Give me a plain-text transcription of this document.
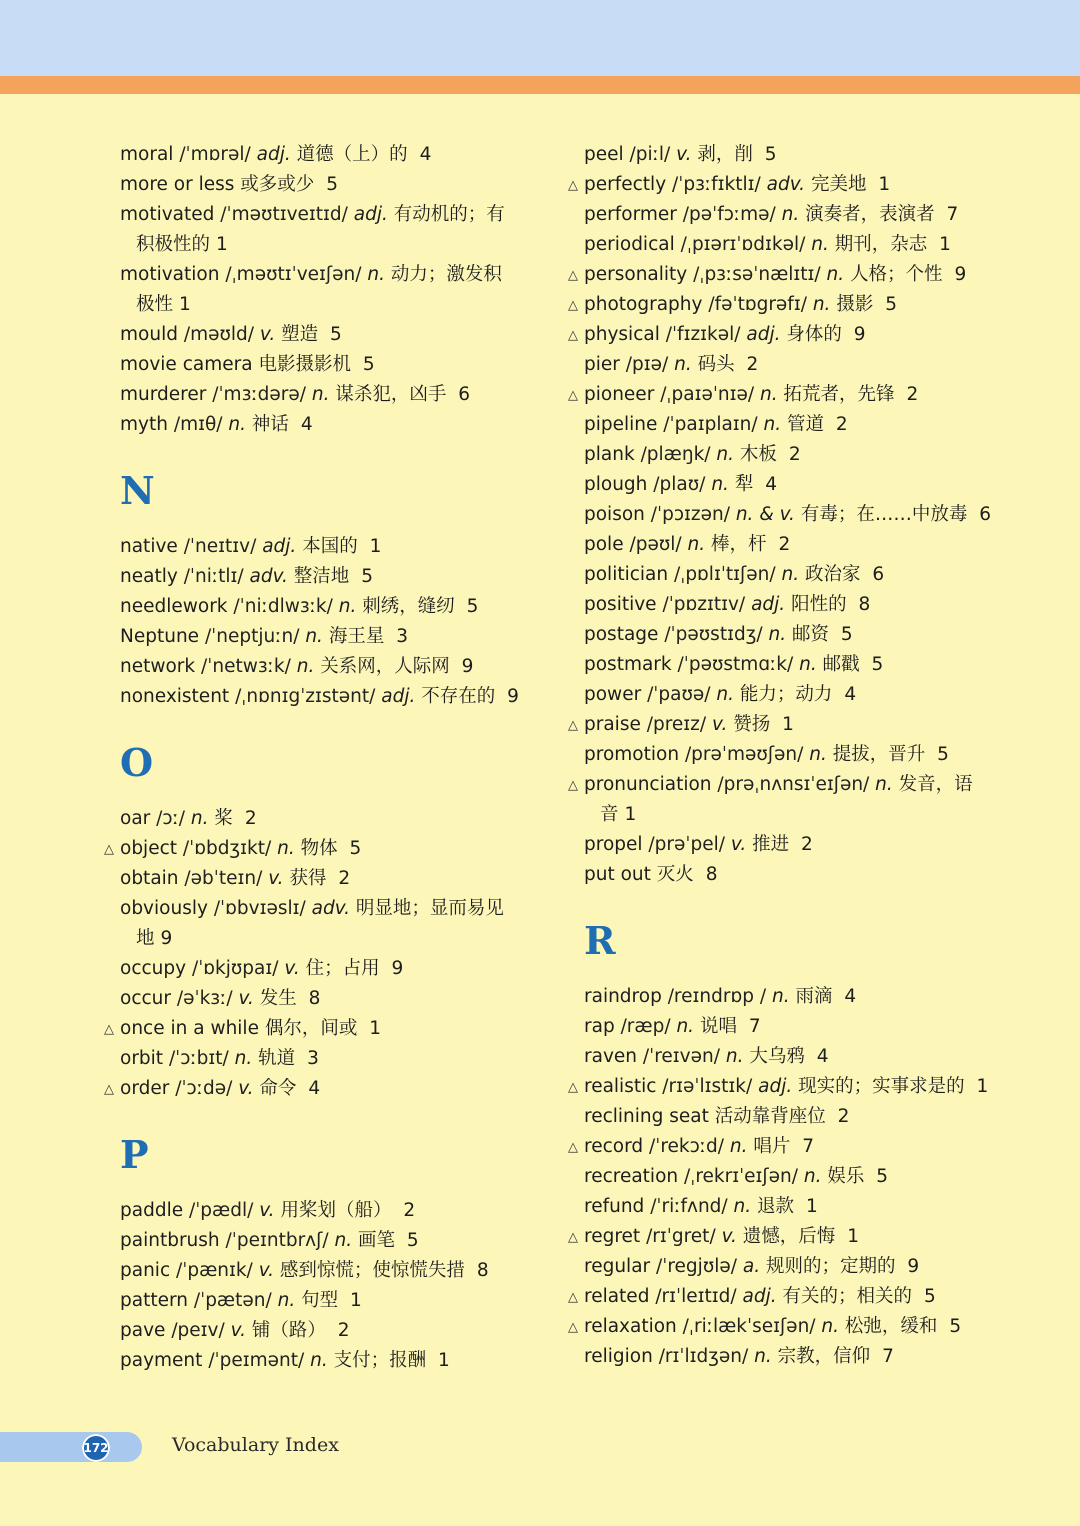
moral /ˈmɒrəl/ adj. 道德（上）的 4
more or less 或多或少 5
motivated /ˈməʊtɪveɪtɪd/ adj. 有动机的；有
积极性的 1
motivation /ˌməʊtɪˈveɪʃən/ n. 动力；激发积
极性 1
mould /məʊld/ v. 塑造 5
movie camera 电影摄影机 5
murderer /ˈmɜːdərə/ n. 谋杀犯，凶手 6
myth /mɪθ/ n. 神话 4
N
native /ˈneɪtɪv/ adj. 本国的 1
neatly /ˈniːtlɪ/ adv. 整洁地 5
needlework /ˈniːdlwɜːk/ n. 刺绣，缝纫 5
Neptune /ˈneptjuːn/ n. 海王星 3
network /ˈnetwɜːk/ n. 关系网，人际网 9
nonexistent /ˌnɒnɪgˈzɪstənt/ adj. 不存在的 9
O
oar /ɔː/ n. 桨 2
△ object /ˈɒbdʒɪkt/ n. 物体 5
obtain /əbˈteɪn/ v. 获得 2
obviously /ˈɒbvɪəslɪ/ adv. 明显地；显而易见
地 9
occupy /ˈɒkjʊpaɪ/ v. 住；占用 9
occur /əˈkɜː/ v. 发生 8
△ once in a while 偶尔，间或 1
orbit /ˈɔːbɪt/ n. 轨道 3
△ order /ˈɔːdə/ v. 命令 4
P
paddle /ˈpædl/ v. 用桨划（船） 2
paintbrush /ˈpeɪntbrʌʃ/ n. 画笔 5
panic /ˈpænɪk/ v. 感到惊慌；使惊慌失措 8
pattern /ˈpætən/ n. 句型 1
pave /peɪv/ v. 铺（路） 2
payment /ˈpeɪmənt/ n. 支付；报酬 1
peel /piːl/ v. 剥，削 5
△ perfectly /ˈpɜːfɪktlɪ/ adv. 完美地 1
performer /pəˈfɔːmə/ n. 演奏者，表演者 7
periodical /ˌpɪərɪˈɒdɪkəl/ n. 期刊，杂志 1
△ personality /ˌpɜːsəˈnælɪtɪ/ n. 人格；个性 9
△ photography /fəˈtɒgrəfɪ/ n. 摄影 5
△ physical /ˈfɪzɪkəl/ adj. 身体的 9
pier /pɪə/ n. 码头 2
△ pioneer /ˌpaɪəˈnɪə/ n. 拓荒者，先锋 2
pipeline /ˈpaɪplaɪn/ n. 管道 2
plank /plæŋk/ n. 木板 2
plough /plaʊ/ n. 犁 4
poison /ˈpɔɪzən/ n. & v. 有毒；在……中放毒 6
pole /pəʊl/ n. 棒，杆 2
politician /ˌpɒlɪˈtɪʃən/ n. 政治家 6
positive /ˈpɒzɪtɪv/ adj. 阳性的 8
postage /ˈpəʊstɪdʒ/ n. 邮资 5
postmark /ˈpəʊstmɑːk/ n. 邮戳 5
power /ˈpaʊə/ n. 能力；动力 4
△ praise /preɪz/ v. 赞扬 1
promotion /prəˈməʊʃən/ n. 提拔，晋升 5
△ pronunciation /prəˌnʌnsɪˈeɪʃən/ n. 发音，语
音 1
propel /prəˈpel/ v. 推进 2
put out 灭火 8
R
raindrop /reɪndrɒp / n. 雨滴 4
rap /ræp/ n. 说唱 7
raven /ˈreɪvən/ n. 大乌鸦 4
△ realistic /rɪəˈlɪstɪk/ adj. 现实的；实事求是的 1
reclining seat 活动靠背座位 2
△ record /ˈrekɔːd/ n. 唱片 7
recreation /ˌrekrɪˈeɪʃən/ n. 娱乐 5
refund /ˈriːfʌnd/ n. 退款 1
△ regret /rɪˈgret/ v. 遗憾，后悔 1
regular /ˈregjʊlə/ a. 规则的；定期的 9
△ related /rɪˈleɪtɪd/ adj. 有关的；相关的 5
△ relaxation /ˌriːlækˈseɪʃən/ n. 松弛，缓和 5
religion /rɪˈlɪdʒən/ n. 宗教，信仰 7
172	Vocabulary Index
